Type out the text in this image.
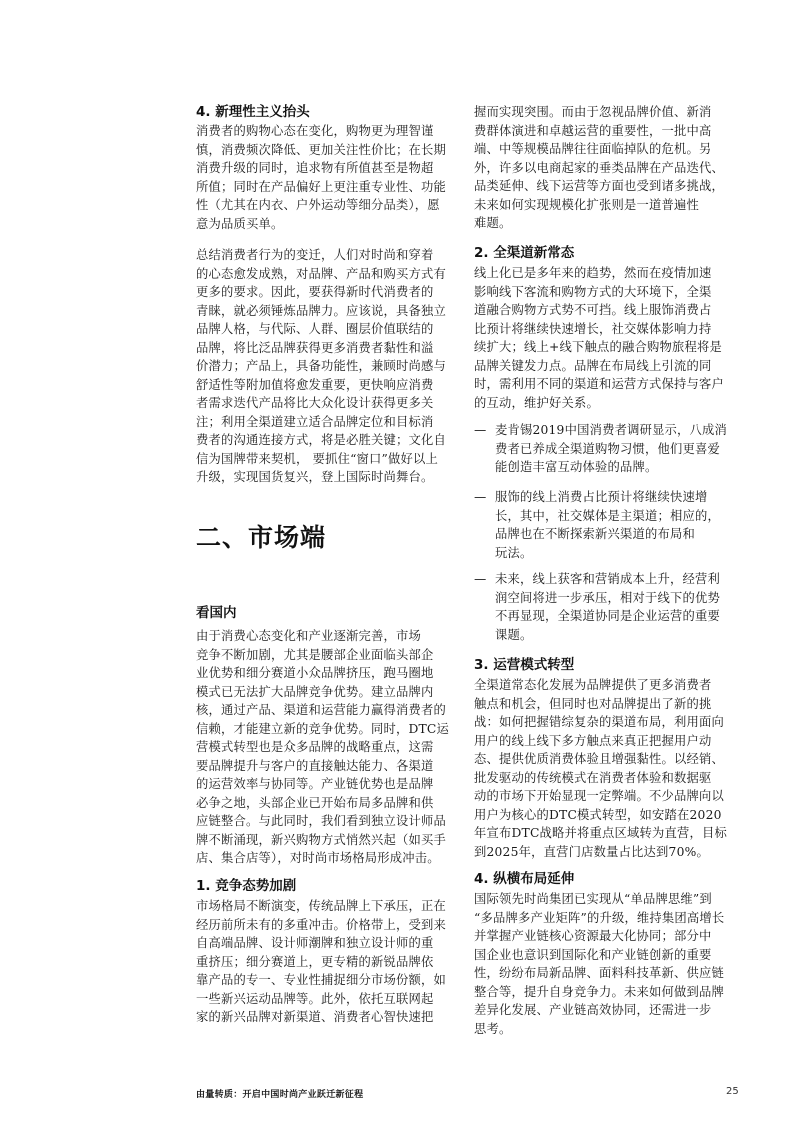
4. 新理性主义抬头

消费者的购物心态在变化，购物更为理智谨
慎，消费频次降低、更加关注性价比；在长期
消费升级的同时，追求物有所值甚至是物超
所值；同时在产品偏好上更注重专业性、功能
性（尤其在内衣、户外运动等细分品类），愿
意为品质买单。

总结消费者行为的变迁，人们对时尚和穿着
的心态愈发成熟，对品牌、产品和购买方式有
更多的要求。因此，要获得新时代消费者的
青睐，就必须锤炼品牌力。应该说，具备独立
品牌人格，与代际、人群、圈层价值联结的
品牌，将比泛品牌获得更多消费者黏性和溢
价潜力；产品上，具备功能性，兼顾时尚感与
舒适性等附加值将愈发重要，更快响应消费
者需求迭代产品将比大众化设计获得更多关
注；利用全渠道建立适合品牌定位和目标消
费者的沟通连接方式，将是必胜关键；文化自
信为国牌带来契机， 要抓住“窗口”做好以上
升级，实现国货复兴，登上国际时尚舞台。

二、市场端
看国内

由于消费心态变化和产业逐渐完善，市场
竞争不断加剧，尤其是腰部企业面临头部企
业优势和细分赛道小众品牌挤压，跑马圈地
模式已无法扩大品牌竞争优势。建立品牌内
核，通过产品、渠道和运营能力赢得消费者的
信赖，才能建立新的竞争优势。同时，DTC运
营模式转型也是众多品牌的战略重点，这需
要品牌提升与客户的直接触达能力、各渠道
的运营效率与协同等。产业链优势也是品牌
必争之地，头部企业已开始布局多品牌和供
应链整合。与此同时，我们看到独立设计师品
牌不断涌现，新兴购物方式悄然兴起（如买手
店、集合店等），对时尚市场格局形成冲击。

1. 竞争态势加剧

市场格局不断演变，传统品牌上下承压，正在
经历前所未有的多重冲击。价格带上，受到来
自高端品牌、设计师潮牌和独立设计师的重
重挤压；细分赛道上，更专精的新锐品牌依
靠产品的专一、专业性捕捉细分市场份额，如
一些新兴运动品牌等。此外，依托互联网起
家的新兴品牌对新渠道、消费者心智快速把

握而实现突围。而由于忽视品牌价值、新消
费群体演进和卓越运营的重要性，一批中高
端、中等规模品牌往往面临掉队的危机。另
外，许多以电商起家的垂类品牌在产品迭代、
品类延伸、线下运营等方面也受到诸多挑战，
未来如何实现规模化扩张则是一道普遍性
难题。

2. 全渠道新常态

线上化已是多年来的趋势，然而在疫情加速
影响线下客流和购物方式的大环境下，全渠
道融合购物方式势不可挡。线上服饰消费占
比预计将继续快速增长，社交媒体影响力持
续扩大；线上+线下触点的融合购物旅程将是
品牌关键发力点。品牌在布局线上引流的同
时，需利用不同的渠道和运营方式保持与客户
的互动，维护好关系。

— 麦肯锡2019中国消费者调研显示，八成消
费者已养成全渠道购物习惯，他们更喜爱
能创造丰富互动体验的品牌。

— 服饰的线上消费占比预计将继续快速增
长，其中，社交媒体是主渠道；相应的，
品牌也在不断探索新兴渠道的布局和
玩法。

— 未来，线上获客和营销成本上升，经营利
润空间将进一步承压，相对于线下的优势
不再显现，全渠道协同是企业运营的重要
课题。

3. 运营模式转型

全渠道常态化发展为品牌提供了更多消费者
触点和机会，但同时也对品牌提出了新的挑
战：如何把握错综复杂的渠道布局，利用面向
用户的线上线下多方触点来真正把握用户动
态、提供优质消费体验且增强黏性。以经销、
批发驱动的传统模式在消费者体验和数据驱
动的市场下开始显现一定弊端。不少品牌向以
用户为核心的DTC模式转型，如安踏在2020
年宣布DTC战略并将重点区域转为直营，目标
到2025年，直营门店数量占比达到70%。

4. 纵横布局延伸

国际领先时尚集团已实现从“单品牌思维”到
“多品牌多产业矩阵”的升级，维持集团高增长
并掌握产业链核心资源最大化协同；部分中
国企业也意识到国际化和产业链创新的重要
性，纷纷布局新品牌、面料科技革新、供应链
整合等，提升自身竞争力。未来如何做到品牌
差异化发展、产业链高效协同，还需进一步
思考。

由量转质：开启中国时尚产业跃迁新征程	25
